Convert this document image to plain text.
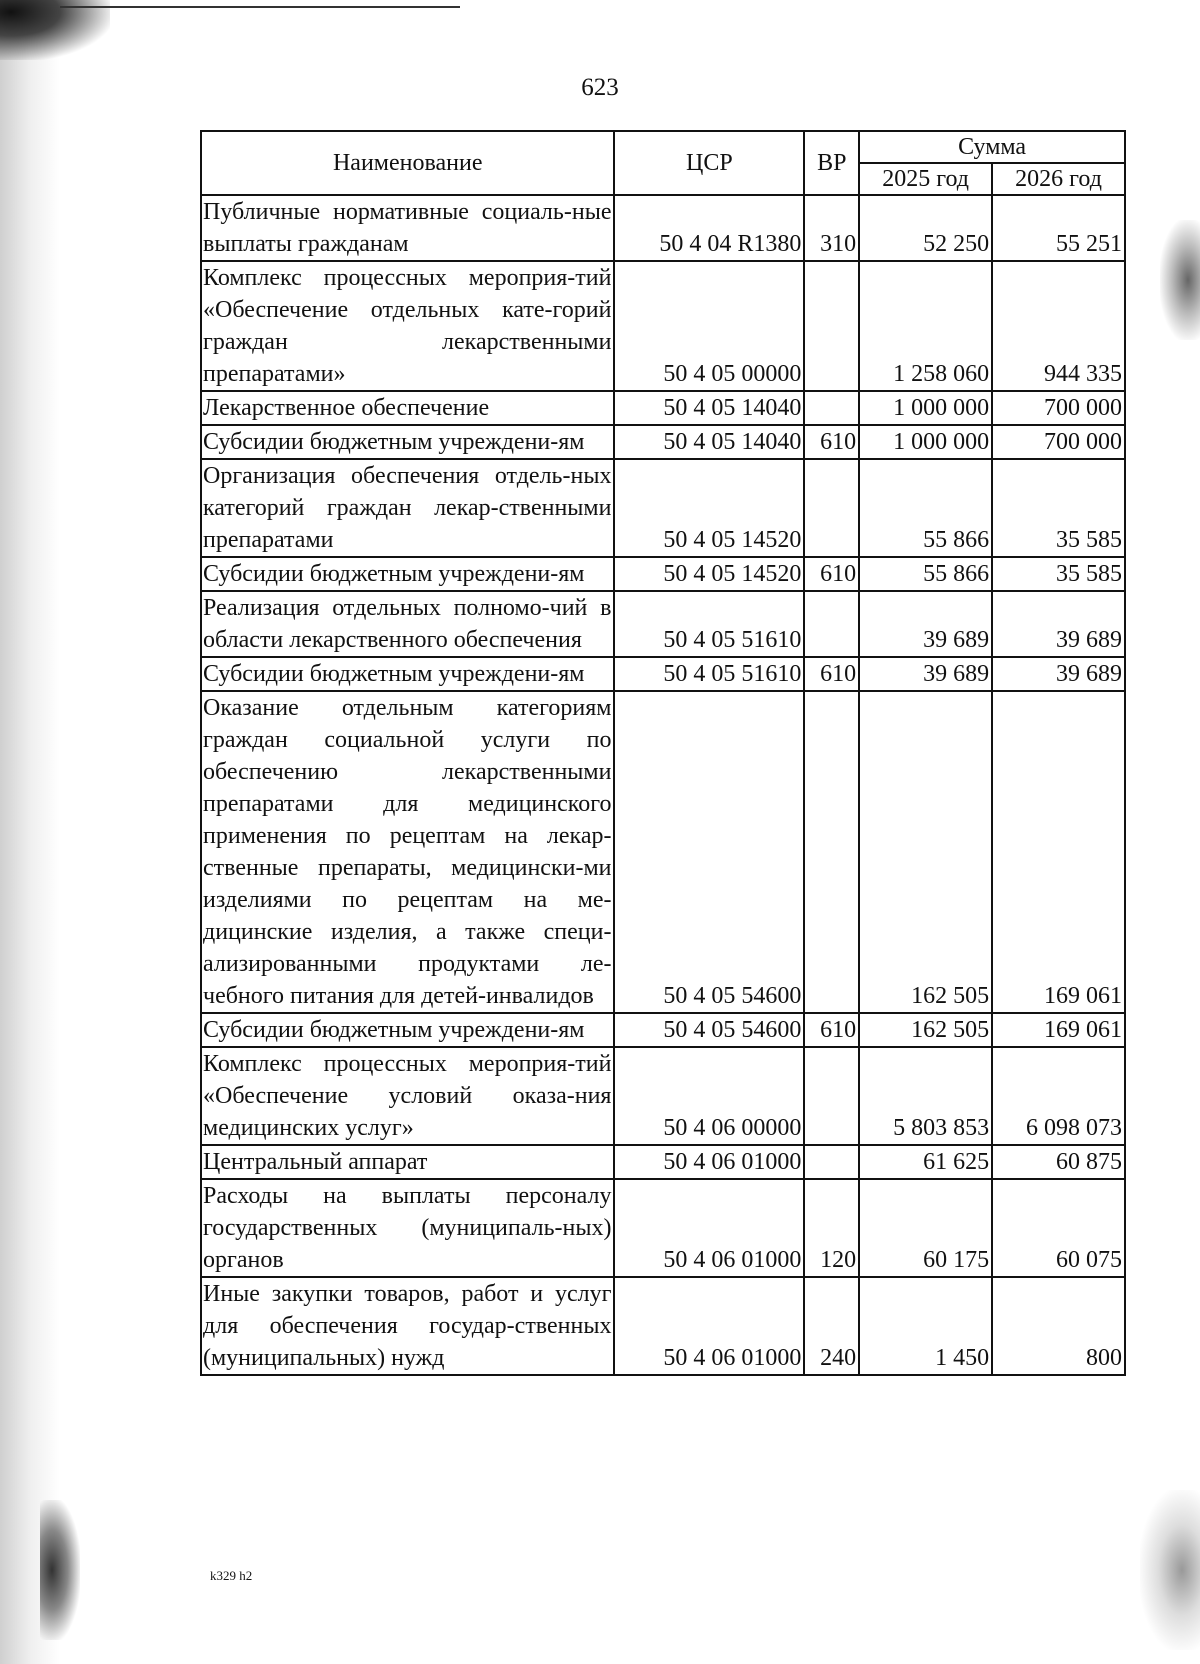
623
Наименование	ЦСР	ВР	Сумма	
			2025 год	2026 год
Публичные нормативные социаль-ные выплаты гражданам	50 4 04 R1380	310	52 250	55 251
Комплекс процессных мероприя-тий «Обеспечение отдельных кате-горий граждан лекарственными препаратами»	50 4 05 00000		1 258 060	944 335
Лекарственное обеспечение	50 4 05 14040		1 000 000	700 000
Субсидии бюджетным учреждени-ям	50 4 05 14040	610	1 000 000	700 000
Организация обеспечения отдель-ных категорий граждан лекар-ственными препаратами	50 4 05 14520		55 866	35 585
Субсидии бюджетным учреждени-ям	50 4 05 14520	610	55 866	35 585
Реализация отдельных полномо-чий в области лекарственного обеспечения	50 4 05 51610		39 689	39 689
Субсидии бюджетным учреждени-ям	50 4 05 51610	610	39 689	39 689
Оказание отдельным категориям граждан социальной услуги по обеспечению лекарственными препаратами для медицинского применения по рецептам на лекар-ственные препараты, медицински-ми изделиями по рецептам на ме-дицинские изделия, а также специ-ализированными продуктами ле-чебного питания для детей-инвалидов	50 4 05 54600		162 505	169 061
Субсидии бюджетным учреждени-ям	50 4 05 54600	610	162 505	169 061
Комплекс процессных мероприя-тий «Обеспечение условий оказа-ния медицинских услуг»	50 4 06 00000		5 803 853	6 098 073
Центральный аппарат	50 4 06 01000		61 625	60 875
Расходы на выплаты персоналу государственных (муниципаль-ных) органов	50 4 06 01000	120	60 175	60 075
Иные закупки товаров, работ и услуг для обеспечения государ-ственных (муниципальных) нужд	50 4 06 01000	240	1 450	800
k329 h2
